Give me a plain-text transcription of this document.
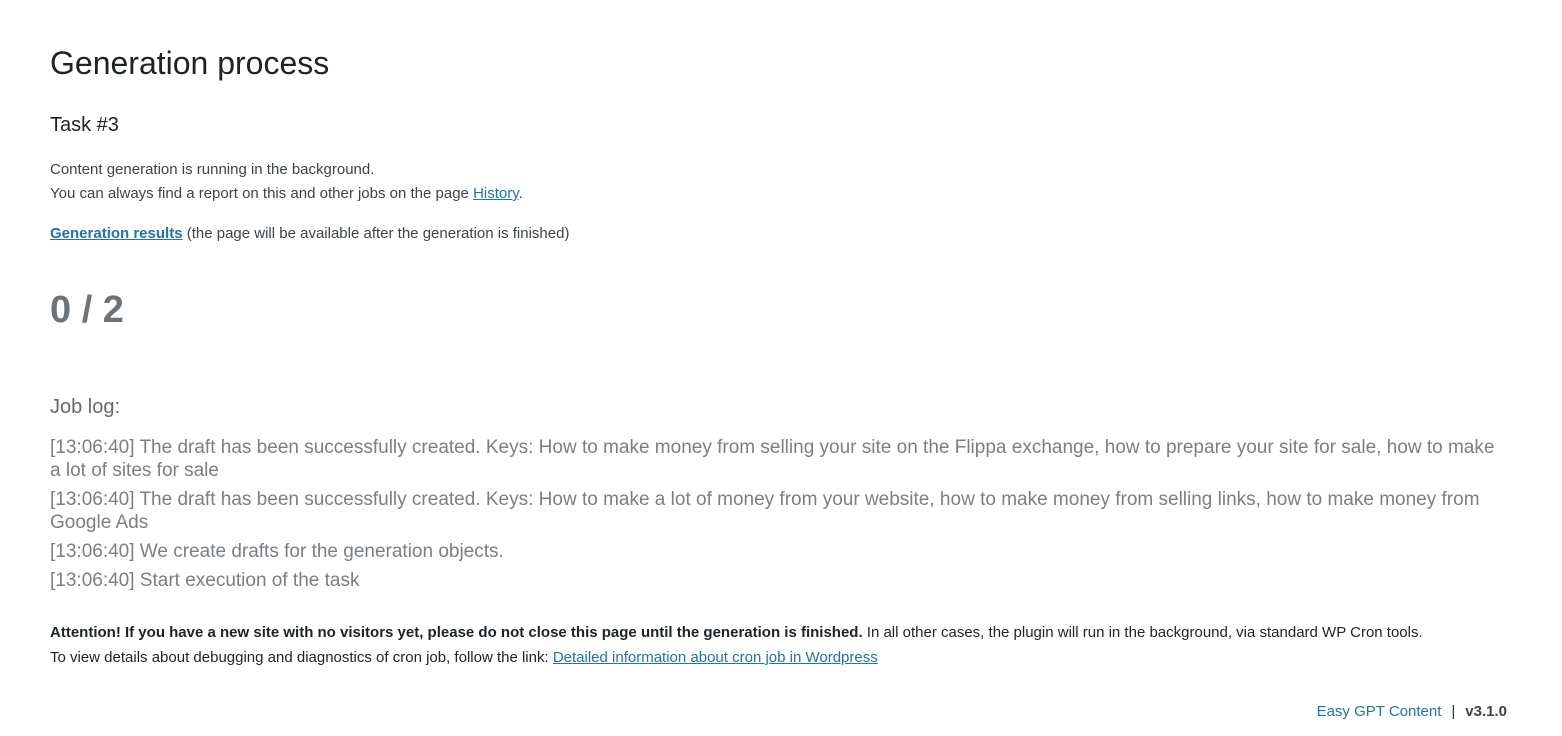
Generation process
Task #3

Content generation is running in the background.

You can always find a report on this and other jobs on the page History.

Generation results (the page will be available after the generation is finished)
0 / 2
Job log:
[13:06:40] The draft has been successfully created. Keys: How to make money from selling your site on the Flippa exchange, how to prepare your site for sale, how to make a lot of sites for sale
[13:06:40] The draft has been successfully created. Keys: How to make a lot of money from your website, how to make money from selling links, how to make money from Google Ads
[13:06:40] We create drafts for the generation objects.
[13:06:40] Start execution of the task

Attention! If you have a new site with no visitors yet, please do not close this page until the generation is finished. In all other cases, the plugin will run in the background, via standard WP Cron tools.

To view details about debugging and diagnostics of cron job, follow the link: Detailed information about cron job in Wordpress

Easy GPT Content | v3.1.0
